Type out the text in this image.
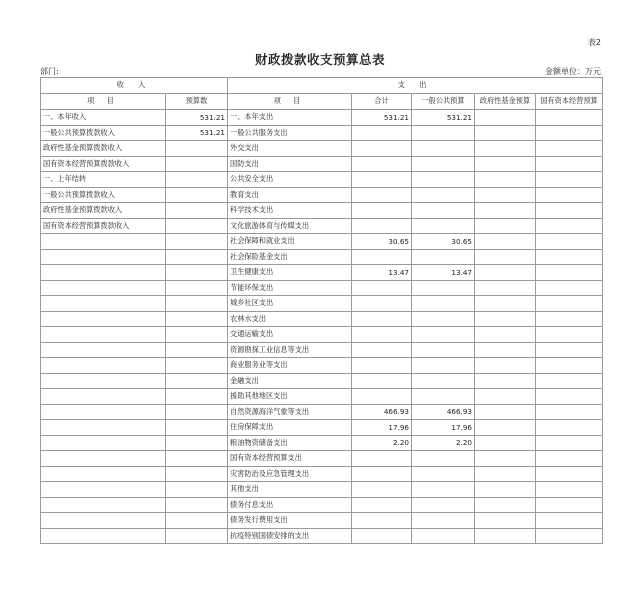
表2
财政拨款收支预算总表
部门:	金额单位：万元
收 入		支 出				
项 目	预算数	项 目	合计	一般公共预算	政府性基金预算	国有资本经营预算
一、本年收入	531.21	一、本年支出	531.21	531.21		
一般公共预算拨款收入	531.21	一般公共服务支出				
政府性基金预算拨款收入		外交支出				
国有资本经营预算拨款收入		国防支出				
一、上年结转		公共安全支出				
一般公共预算拨款收入		教育支出				
政府性基金预算拨款收入		科学技术支出				
国有资本经营预算拨款收入		文化旅游体育与传媒支出				
		社会保障和就业支出	30.65	30.65		
		社会保险基金支出				
		卫生健康支出	13.47	13.47		
		节能环保支出				
		城乡社区支出				
		农林水支出				
		交通运输支出				
		资源勘探工业信息等支出				
		商业服务业等支出				
		金融支出				
		援助其他地区支出				
		自然资源海洋气象等支出	466.93	466.93		
		住房保障支出	17.96	17.96		
		粮油物资储备支出	2.20	2.20		
		国有资本经营预算支出				
		灾害防治及应急管理支出				
		其他支出				
		债务付息支出				
		债务发行费用支出				
		抗疫特别国债安排的支出				
